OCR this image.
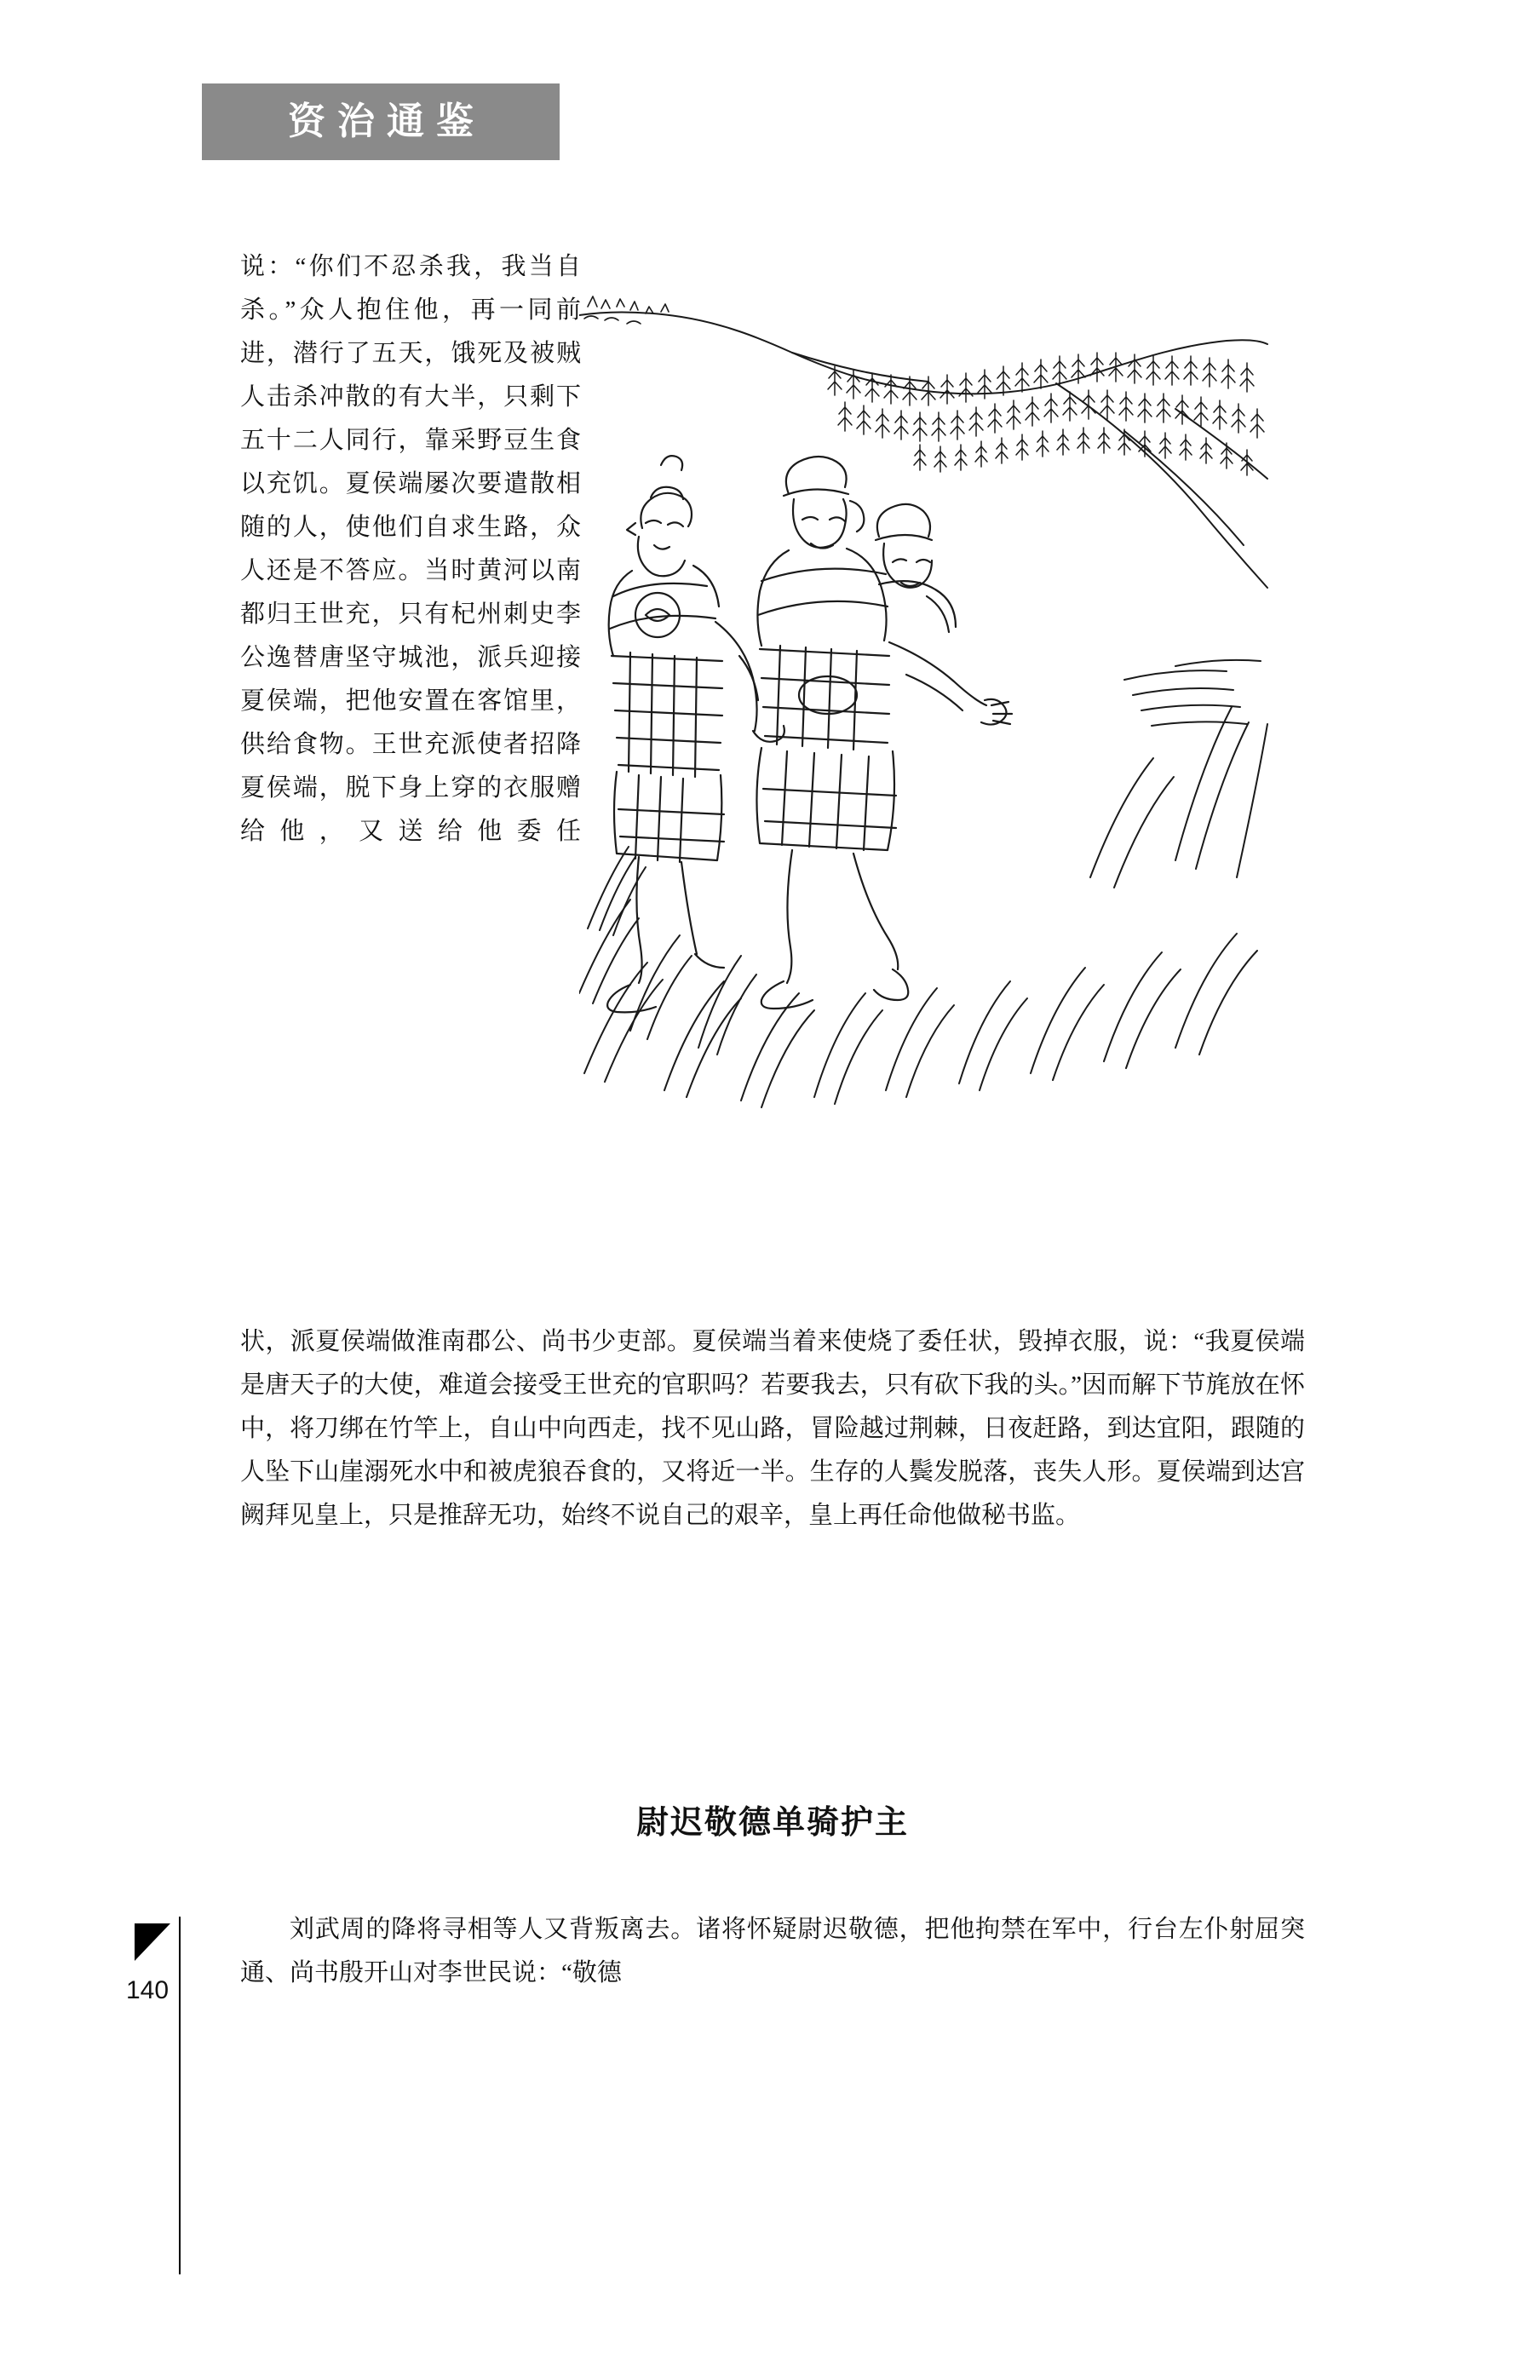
资治通鉴
说：“你们不忍杀我，我当自杀。”众人抱住他，再一同前进，潜行了五天，饿死及被贼人击杀冲散的有大半，只剩下五十二人同行，靠采野豆生食以充饥。夏侯端屡次要遣散相随的人，使他们自求生路，众人还是不答应。当时黄河以南都归王世充，只有杞州刺史李公逸替唐坚守城池，派兵迎接夏侯端，把他安置在客馆里，供给食物。王世充派使者招降夏侯端，脱下身上穿的衣服赠给他，又送给他委任
状，派夏侯端做淮南郡公、尚书少吏部。夏侯端当着来使烧了委任状，毁掉衣服，说：“我夏侯端是唐天子的大使，难道会接受王世充的官职吗？若要我去，只有砍下我的头。”因而解下节旄放在怀中，将刀绑在竹竿上，自山中向西走，找不见山路，冒险越过荆棘，日夜赶路，到达宜阳，跟随的人坠下山崖溺死水中和被虎狼吞食的，又将近一半。生存的人鬓发脱落，丧失人形。夏侯端到达宫阙拜见皇上，只是推辞无功，始终不说自己的艰辛，皇上再任命他做秘书监。
尉迟敬德单骑护主
刘武周的降将寻相等人又背叛离去。诸将怀疑尉迟敬德，把他拘禁在军中，行台左仆射屈突通、尚书殷开山对李世民说：“敬德
140
